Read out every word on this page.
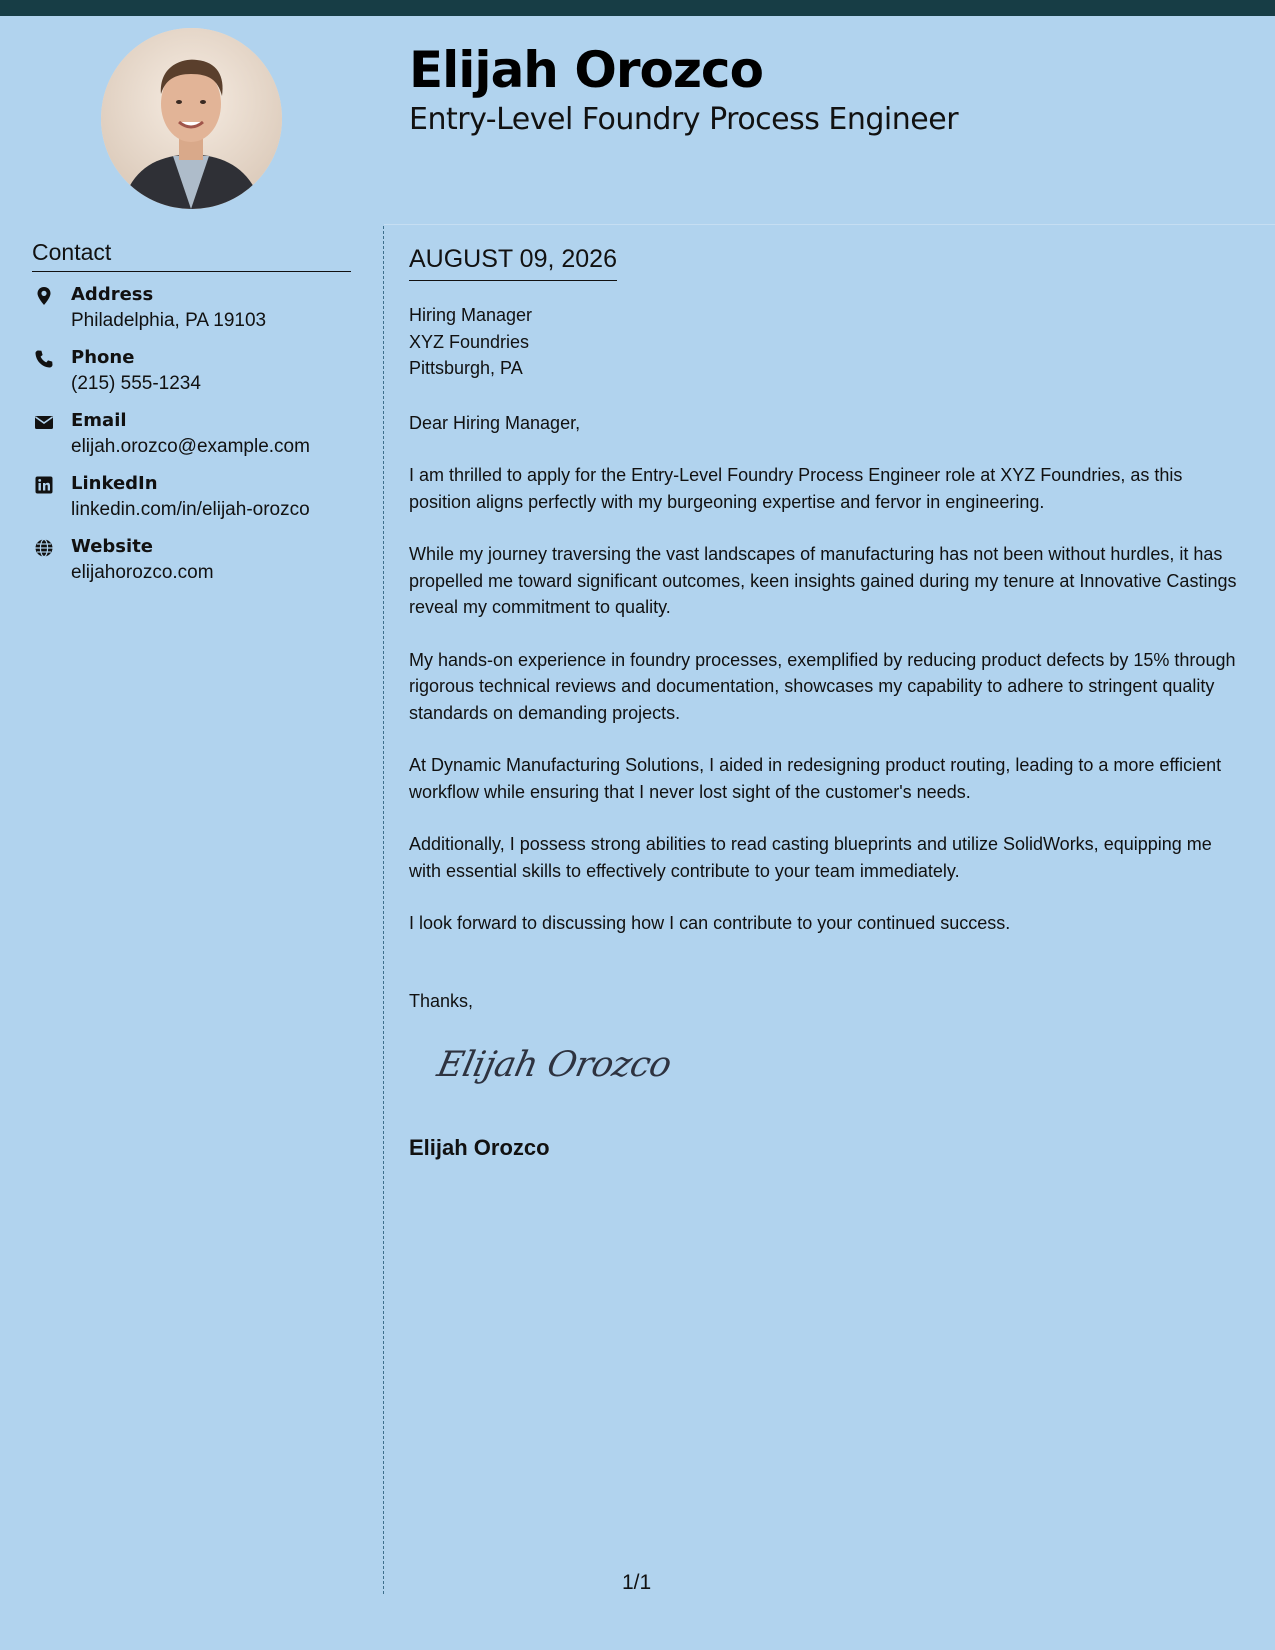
Elijah Orozco
Entry-Level Foundry Process Engineer
Contact
Address
Philadelphia, PA 19103
Phone
(215) 555-1234
Email
elijah.orozco@example.com
LinkedIn
linkedin.com/in/elijah-orozco
Website
elijahorozco.com
AUGUST 09, 2026
Hiring Manager
XYZ Foundries
Pittsburgh, PA
Dear Hiring Manager,

I am thrilled to apply for the Entry-Level Foundry Process Engineer role at XYZ Foundries, as this position aligns perfectly with my burgeoning expertise and fervor in engineering.

While my journey traversing the vast landscapes of manufacturing has not been without hurdles, it has propelled me toward significant outcomes, keen insights gained during my tenure at Innovative Castings reveal my commitment to quality.

My hands-on experience in foundry processes, exemplified by reducing product defects by 15% through rigorous technical reviews and documentation, showcases my capability to adhere to stringent quality standards on demanding projects.

At Dynamic Manufacturing Solutions, I aided in redesigning product routing, leading to a more efficient workflow while ensuring that I never lost sight of the customer's needs.

Additionally, I possess strong abilities to read casting blueprints and utilize SolidWorks, equipping me with essential skills to effectively contribute to your team immediately.

I look forward to discussing how I can contribute to your continued success.

Thanks,
Elijah Orozco
Elijah Orozco
1/1
